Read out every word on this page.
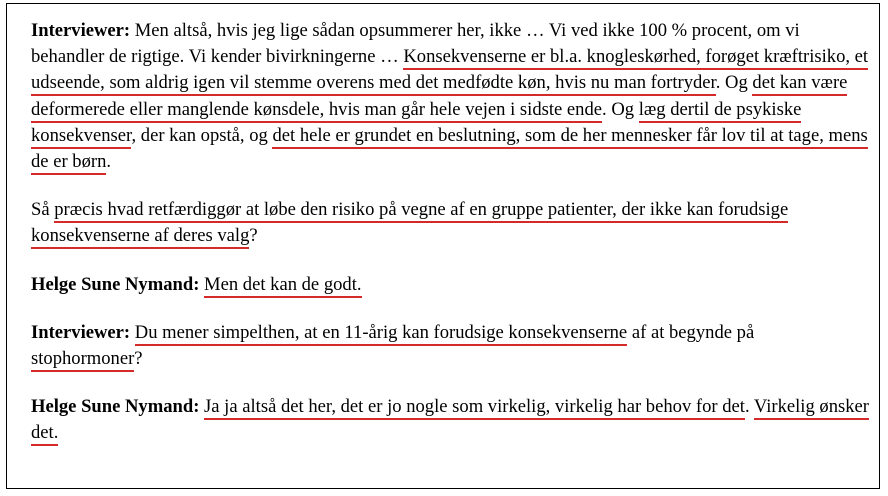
Interviewer: Men altså, hvis jeg lige sådan opsummerer her, ikke … Vi ved ikke 100 % procent, om vi behandler de rigtige. Vi kender bivirkningerne … Konsekvenserne er bl.a. knogleskørhed, forøget kræftrisiko, et udseende, som aldrig igen vil stemme overens med det medfødte køn, hvis nu man fortryder. Og det kan være deformerede eller manglende kønsdele, hvis man går hele vejen i sidste ende. Og læg dertil de psykiske konsekvenser, der kan opstå, og det hele er grundet en beslutning, som de her mennesker får lov til at tage, mens de er børn.

Så præcis hvad retfærdiggør at løbe den risiko på vegne af en gruppe patienter, der ikke kan forudsige konsekvenserne af deres valg?

Helge Sune Nymand: Men det kan de godt.

Interviewer: Du mener simpelthen, at en 11-årig kan forudsige konsekvenserne af at begynde på stophormoner?

Helge Sune Nymand: Ja ja altså det her, det er jo nogle som virkelig, virkelig har behov for det. Virkelig ønsker det.
